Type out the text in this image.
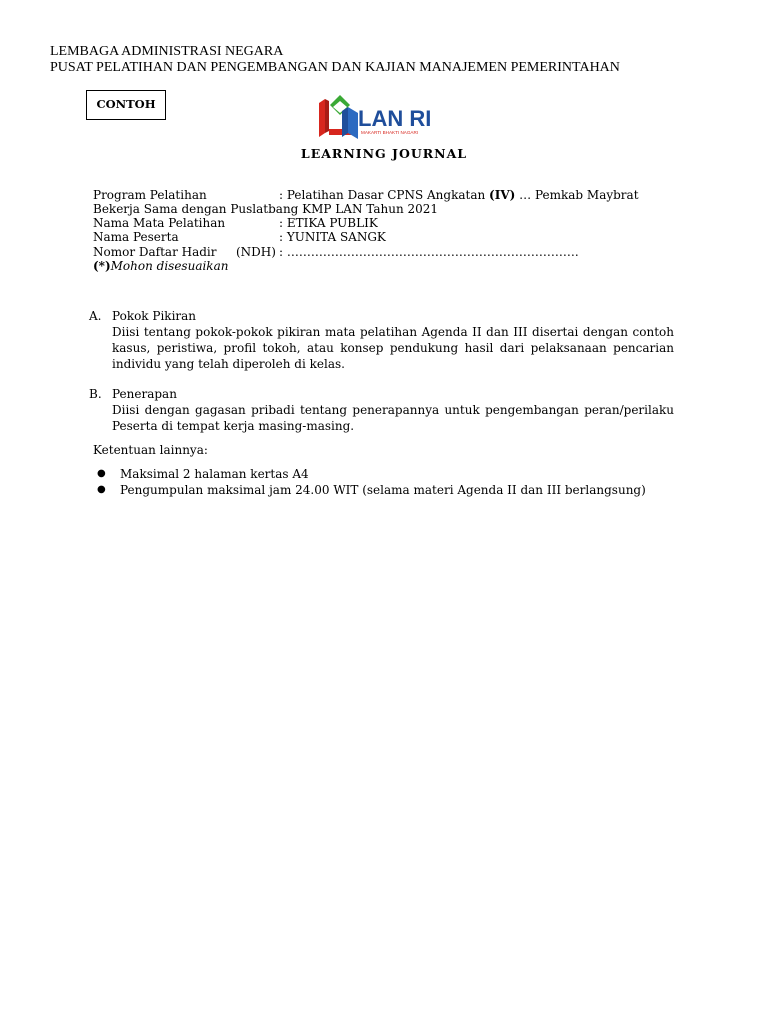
LEMBAGA ADMINISTRASI NEGARA
PUSAT PELATIHAN DAN PENGEMBANGAN DAN KAJIAN MANAJEMEN PEMERINTAHAN
CONTOH
LAN RI
MAKARTI BHAKTI NAGARI
LEARNING JOURNAL
Program Pelatihan	: Pelatihan Dasar CPNS Angkatan (IV) … Pemkab Maybrat
Bekerja Sama dengan Puslatbang KMP LAN Tahun 2021
Nama Mata Pelatihan	: ETIKA PUBLIK
Nama Peserta	: YUNITA SANGK
Nomor Daftar Hadir (NDH) : ……………………………………………………………….
(*)Mohon disesuaikan
A. Pokok Pikiran
Diisi tentang pokok-pokok pikiran mata pelatihan Agenda II dan III disertai dengan contoh kasus, peristiwa, profil tokoh, atau konsep pendukung hasil dari pelaksanaan pencarian individu yang telah diperoleh di kelas.
B. Penerapan
Diisi dengan gagasan pribadi tentang penerapannya untuk pengembangan peran/perilaku Peserta di tempat kerja masing-masing.
Ketentuan lainnya:
● Maksimal 2 halaman kertas A4
● Pengumpulan maksimal jam 24.00 WIT (selama materi Agenda II dan III berlangsung)
